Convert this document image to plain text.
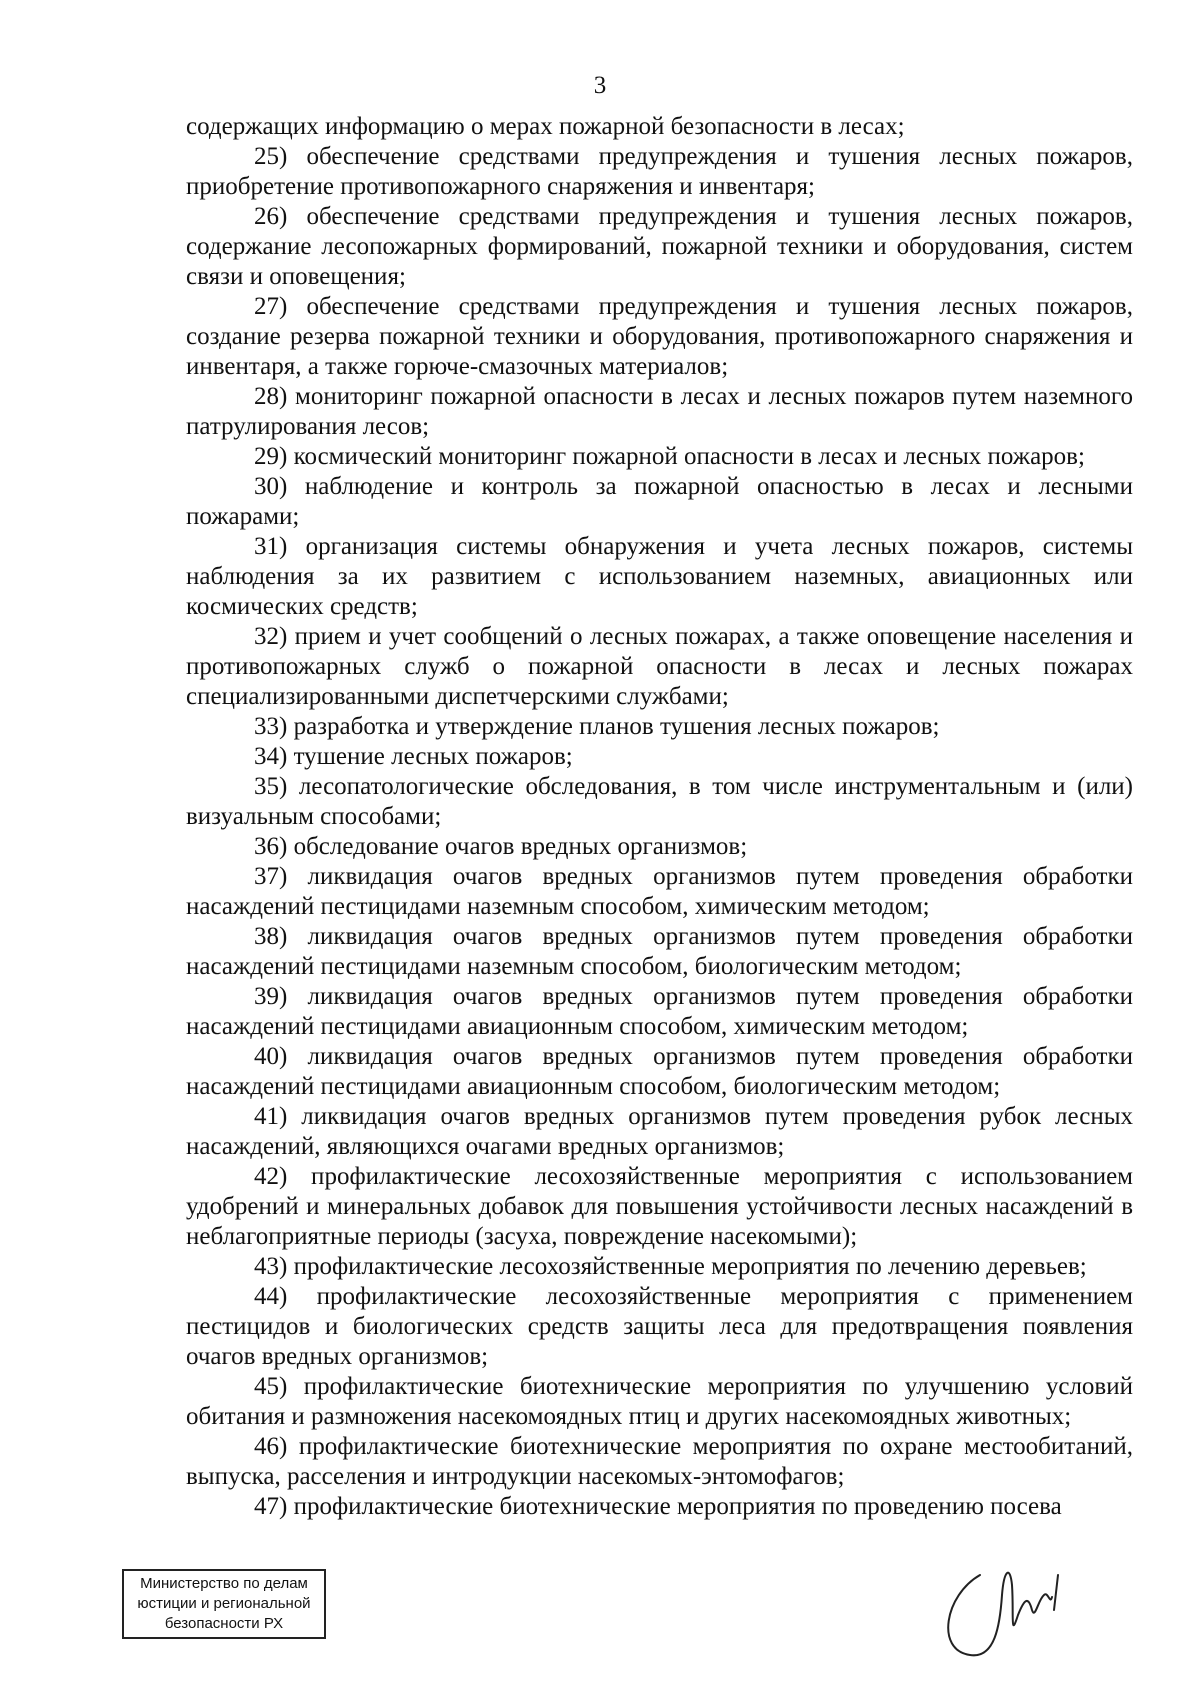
3

содержащих информацию о мерах пожарной безопасности в лесах;

25) обеспечение средствами предупреждения и тушения лесных пожаров, приобретение противопожарного снаряжения и инвентаря;

26) обеспечение средствами предупреждения и тушения лесных пожаров, содержание лесопожарных формирований, пожарной техники и оборудования, систем связи и оповещения;

27) обеспечение средствами предупреждения и тушения лесных пожаров, создание резерва пожарной техники и оборудования, противопожарного снаряжения и инвентаря, а также горюче-смазочных материалов;

28) мониторинг пожарной опасности в лесах и лесных пожаров путем наземного патрулирования лесов;

29) космический мониторинг пожарной опасности в лесах и лесных пожаров;

30) наблюдение и контроль за пожарной опасностью в лесах и лесными пожарами;

31) организация системы обнаружения и учета лесных пожаров, системы наблюдения за их развитием с использованием наземных, авиационных или космических средств;

32) прием и учет сообщений о лесных пожарах, а также оповещение населения и противопожарных служб о пожарной опасности в лесах и лесных пожарах специализированными диспетчерскими службами;

33) разработка и утверждение планов тушения лесных пожаров;

34) тушение лесных пожаров;

35) лесопатологические обследования, в том числе инструментальным и (или) визуальным способами;

36) обследование очагов вредных организмов;

37) ликвидация очагов вредных организмов путем проведения обработки насаждений пестицидами наземным способом, химическим методом;

38) ликвидация очагов вредных организмов путем проведения обработки насаждений пестицидами наземным способом, биологическим методом;

39) ликвидация очагов вредных организмов путем проведения обработки насаждений пестицидами авиационным способом, химическим методом;

40) ликвидация очагов вредных организмов путем проведения обработки насаждений пестицидами авиационным способом, биологическим методом;

41) ликвидация очагов вредных организмов путем проведения рубок лесных насаждений, являющихся очагами вредных организмов;

42) профилактические лесохозяйственные мероприятия с использованием удобрений и минеральных добавок для повышения устойчивости лесных насаждений в неблагоприятные периоды (засуха, повреждение насекомыми);

43) профилактические лесохозяйственные мероприятия по лечению деревьев;

44) профилактические лесохозяйственные мероприятия с применением пестицидов и биологических средств защиты леса для предотвращения появления очагов вредных организмов;

45) профилактические биотехнические мероприятия по улучшению условий обитания и размножения насекомоядных птиц и других насекомоядных животных;

46) профилактические биотехнические мероприятия по охране местообитаний, выпуска, расселения и интродукции насекомых-энтомофагов;

47) профилактические биотехнические мероприятия по проведению посева

Министерство по делам
юстиции и региональной
безопасности РХ
